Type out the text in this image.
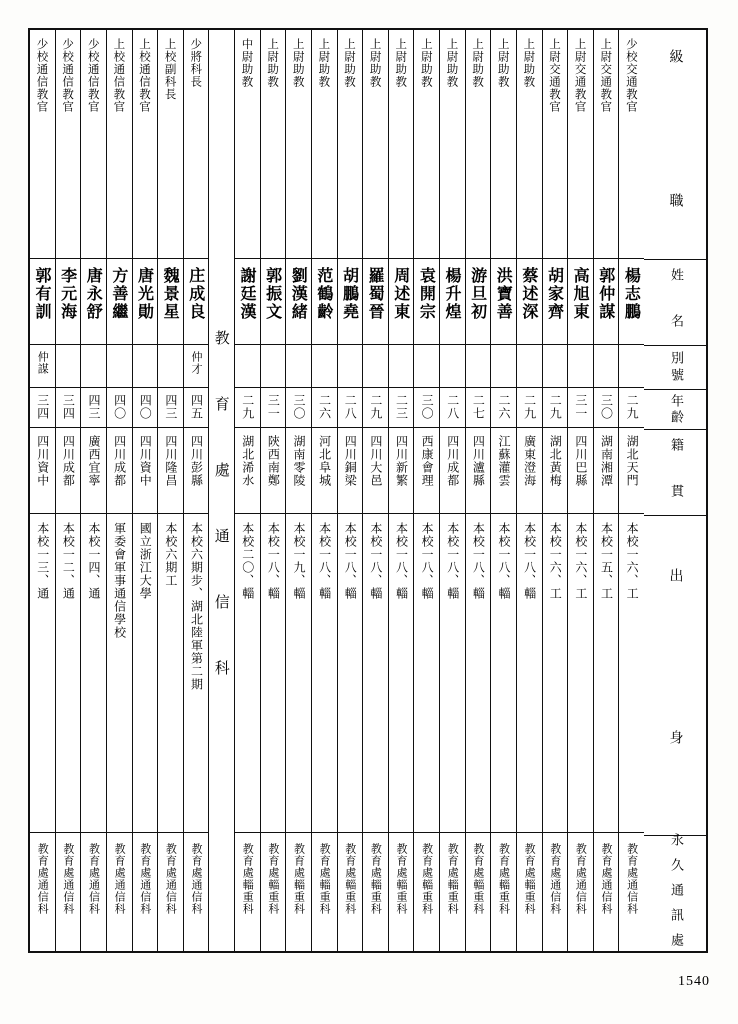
級　　職
姓　名
別號
年齡
籍　貫
出　　身
永久通訊處
少校交通教官
楊志鵬
二九
湖北天門
本校一六、工
教育處通信科
上尉交通教官
郭仲謀
三〇
湖南湘潭
本校一五、工
教育處通信科
上尉交通教官
高旭東
三一
四川巴縣
本校一六、工
教育處通信科
上尉交通教官
胡家齊
二九
湖北黃梅
本校一六、工
教育處通信科
上尉助教
蔡述深
二九
廣東澄海
本校一八、輜
教育處輜重科
上尉助教
洪寶善
二六
江蘇灌雲
本校一八、輜
教育處輜重科
上尉助教
游旦初
二七
四川瀘縣
本校一八、輜
教育處輜重科
上尉助教
楊升煌
二八
四川成都
本校一八、輜
教育處輜重科
上尉助教
袁開宗
三〇
西康會理
本校一八、輜
教育處輜重科
上尉助教
周述東
二三
四川新繁
本校一八、輜
教育處輜重科
上尉助教
羅蜀晉
二九
四川大邑
本校一八、輜
教育處輜重科
上尉助教
胡鵬堯
二八
四川銅梁
本校一八、輜
教育處輜重科
上尉助教
范鶴齡
二六
河北阜城
本校一八、輜
教育處輜重科
上尉助教
劉漢緒
三〇
湖南零陵
本校一九、輜
教育處輜重科
上尉助教
郭振文
三一
陝西南鄭
本校一八、輜
教育處輜重科
中尉助教
謝廷漢
二九
湖北浠水
本校二〇、輜
教育處輜重科
教　育　處　通　信　科
少將科長
庄成良
仲才
四五
四川彭縣
本校六期步、湖北陸軍第二期
教育處通信科
上校副科長
魏景星
四三
四川隆昌
本校六期工
教育處通信科
上校通信教官
唐光勛
四〇
四川資中
國立浙江大學
教育處通信科
上校通信教官
方善繼
四〇
四川成都
軍委會軍事通信學校
教育處通信科
少校通信教官
唐永舒
四三
廣西宜寧
本校一四、通
教育處通信科
少校通信教官
李元海
三四
四川成都
本校一二、通
教育處通信科
少校通信教官
郭有訓
仲謀
三四
四川資中
本校一三、通
教育處通信科
1540
